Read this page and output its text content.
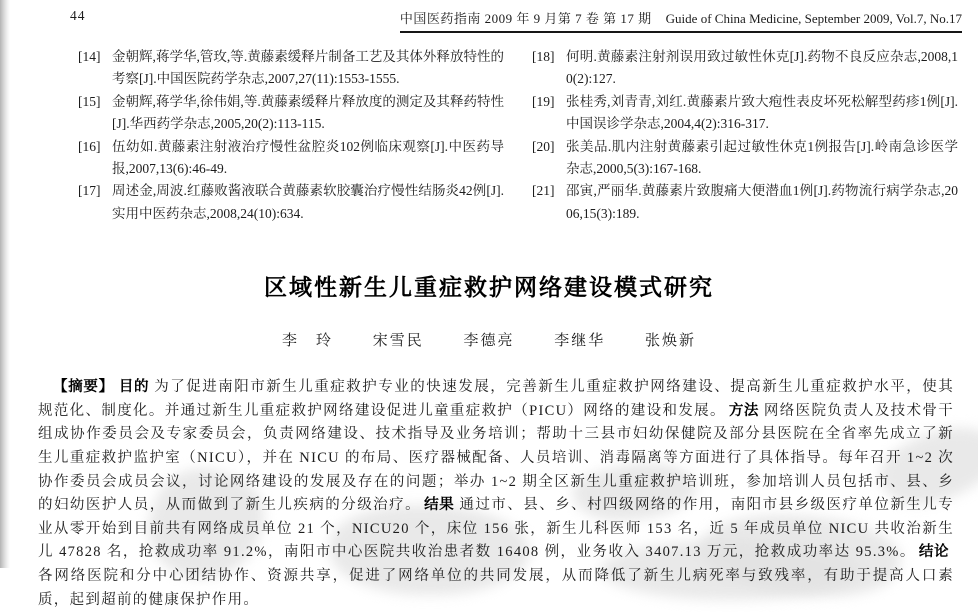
44	中国医药指南 2009 年 9 月第 7 卷 第 17 期 Guide of China Medicine, September 2009, Vol.7, No.17
[14] 金朝辉,蒋学华,管玫,等.黄藤素缓释片制备工艺及其体外释放特性的考察[J].中国医院药学杂志,2007,27(11):1553-1555.
[15] 金朝辉,蒋学华,徐伟娟,等.黄藤素缓释片释放度的测定及其释药特性[J].华西药学杂志,2005,20(2):113-115.
[16] 伍幼如.黄藤素注射液治疗慢性盆腔炎102例临床观察[J].中医药导报,2007,13(6):46-49.
[17] 周述金,周波.红藤败酱液联合黄藤素软胶囊治疗慢性结肠炎42例[J].实用中医药杂志,2008,24(10):634.
[18] 何明.黄藤素注射剂误用致过敏性休克[J].药物不良反应杂志,2008,10(2):127.
[19] 张桂秀,刘青青,刘红.黄藤素片致大疱性表皮坏死松解型药疹1例[J].中国误诊学杂志,2004,4(2):316-317.
[20] 张美品.肌内注射黄藤素引起过敏性休克1例报告[J].岭南急诊医学杂志,2000,5(3):167-168.
[21] 邵寅,严丽华.黄藤素片致腹痛大便潜血1例[J].药物流行病学杂志,2006,15(3):189.
区域性新生儿重症救护网络建设模式研究
李　玲	宋雪民	李德亮	李继华	张焕新

【摘要】 目的 为了促进南阳市新生儿重症救护专业的快速发展，完善新生儿重症救护网络建设、提高新生儿重症救护水平，使其规范化、制度化。并通过新生儿重症救护网络建设促进儿童重症救护（PICU）网络的建设和发展。 方法 网络医院负责人及技术骨干组成协作委员会及专家委员会，负责网络建设、技术指导及业务培训；帮助十三县市妇幼保健院及部分县医院在全省率先成立了新生儿重症救护监护室（NICU），并在 NICU 的布局、医疗器械配备、人员培训、消毒隔离等方面进行了具体指导。每年召开 1~2 次协作委员会成员会议，讨论网络建设的发展及存在的问题；举办 1~2 期全区新生儿重症救护培训班，参加培训人员包括市、县、乡的妇幼医护人员，从而做到了新生儿疾病的分级治疗。 结果 通过市、县、乡、村四级网络的作用，南阳市县乡级医疗单位新生儿专业从零开始到目前共有网络成员单位 21 个，NICU20 个，床位 156 张，新生儿科医师 153 名，近 5 年成员单位 NICU 共收治新生儿 47828 名，抢救成功率 91.2%，南阳市中心医院共收治患者数 16408 例，业务收入 3407.13 万元，抢救成功率达 95.3%。 结论各网络医院和分中心团结协作、资源共享，促进了网络单位的共同发展，从而降低了新生儿病死率与致残率，有助于提高人口素质，起到超前的健康保护作用。
